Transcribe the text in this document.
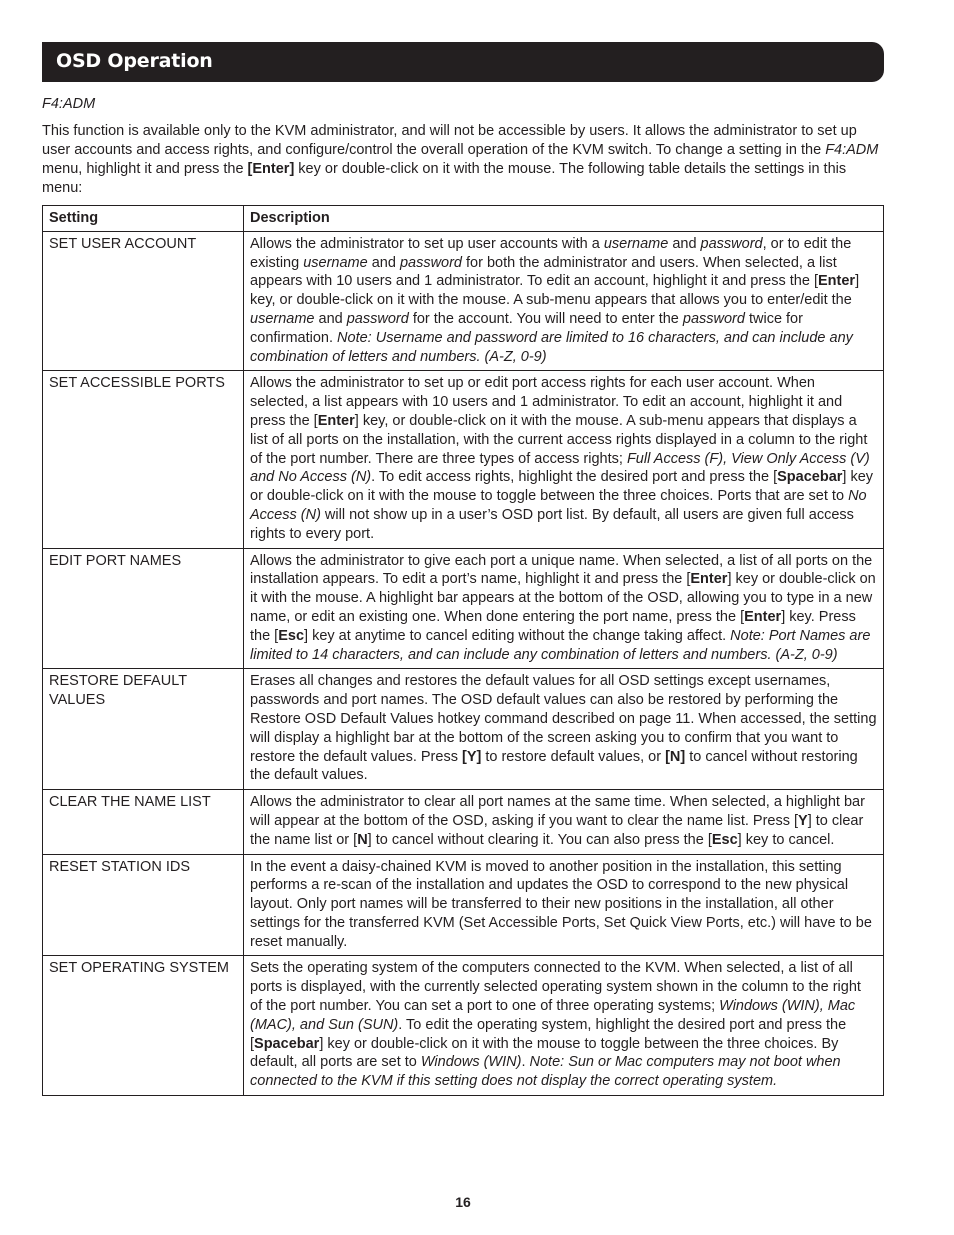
OSD Operation
F4:ADM

This function is available only to the KVM administrator, and will not be accessible by users. It allows the administrator to set up user accounts and access rights, and configure/control the overall operation of the KVM switch. To change a setting in the F4:ADM menu, highlight it and press the [Enter] key or double-click on it with the mouse. The following table details the settings in this menu:

Setting	Description
SET USER ACCOUNT	Allows the administrator to set up user accounts with a username and password, or to edit the existing username and password for both the administrator and users. When selected, a list appears with 10 users and 1 administrator. To edit an account, highlight it and press the [Enter] key, or double-click on it with the mouse. A sub-menu appears that allows you to enter/edit the username and password for the account. You will need to enter the password twice for confirmation. Note: Username and password are limited to 16 characters, and can include any combination of letters and numbers. (A-Z, 0-9)
SET ACCESSIBLE PORTS	Allows the administrator to set up or edit port access rights for each user account. When selected, a list appears with 10 users and 1 administrator. To edit an account, highlight it and press the [Enter] key, or double-click on it with the mouse. A sub-menu appears that displays a list of all ports on the installation, with the current access rights displayed in a column to the right of the port number. There are three types of access rights; Full Access (F), View Only Access (V) and No Access (N). To edit access rights, highlight the desired port and press the [Spacebar] key or double-click on it with the mouse to toggle between the three choices. Ports that are set to No Access (N) will not show up in a user’s OSD port list. By default, all users are given full access rights to every port.
EDIT PORT NAMES	Allows the administrator to give each port a unique name. When selected, a list of all ports on the installation appears. To edit a port’s name, highlight it and press the [Enter] key or double-click on it with the mouse. A highlight bar appears at the bottom of the OSD, allowing you to type in a new name, or edit an existing one. When done entering the port name, press the [Enter] key. Press the [Esc] key at anytime to cancel editing without the change taking affect. Note: Port Names are limited to 14 characters, and can include any combination of letters and numbers. (A-Z, 0-9)
RESTORE DEFAULT VALUES	Erases all changes and restores the default values for all OSD settings except usernames, passwords and port names. The OSD default values can also be restored by performing the Restore OSD Default Values hotkey command described on page 11. When accessed, the setting will display a highlight bar at the bottom of the screen asking you to confirm that you want to restore the default values. Press [Y] to restore default values, or [N] to cancel without restoring the default values.
CLEAR THE NAME LIST	Allows the administrator to clear all port names at the same time. When selected, a highlight bar will appear at the bottom of the OSD, asking if you want to clear the name list. Press [Y] to clear the name list or [N] to cancel without clearing it. You can also press the [Esc] key to cancel.
RESET STATION IDS	In the event a daisy-chained KVM is moved to another position in the installation, this setting performs a re-scan of the installation and updates the OSD to correspond to the new physical layout. Only port names will be transferred to their new positions in the installation, all other settings for the transferred KVM (Set Accessible Ports, Set Quick View Ports, etc.) will have to be reset manually.
SET OPERATING SYSTEM	Sets the operating system of the computers connected to the KVM. When selected, a list of all ports is displayed, with the currently selected operating system shown in the column to the right of the port number. You can set a port to one of three operating systems; Windows (WIN), Mac (MAC), and Sun (SUN). To edit the operating system, highlight the desired port and press the [Spacebar] key or double-click on it with the mouse to toggle between the three choices. By default, all ports are set to Windows (WIN). Note: Sun or Mac computers may not boot when connected to the KVM if this setting does not display the correct operating system.
16
